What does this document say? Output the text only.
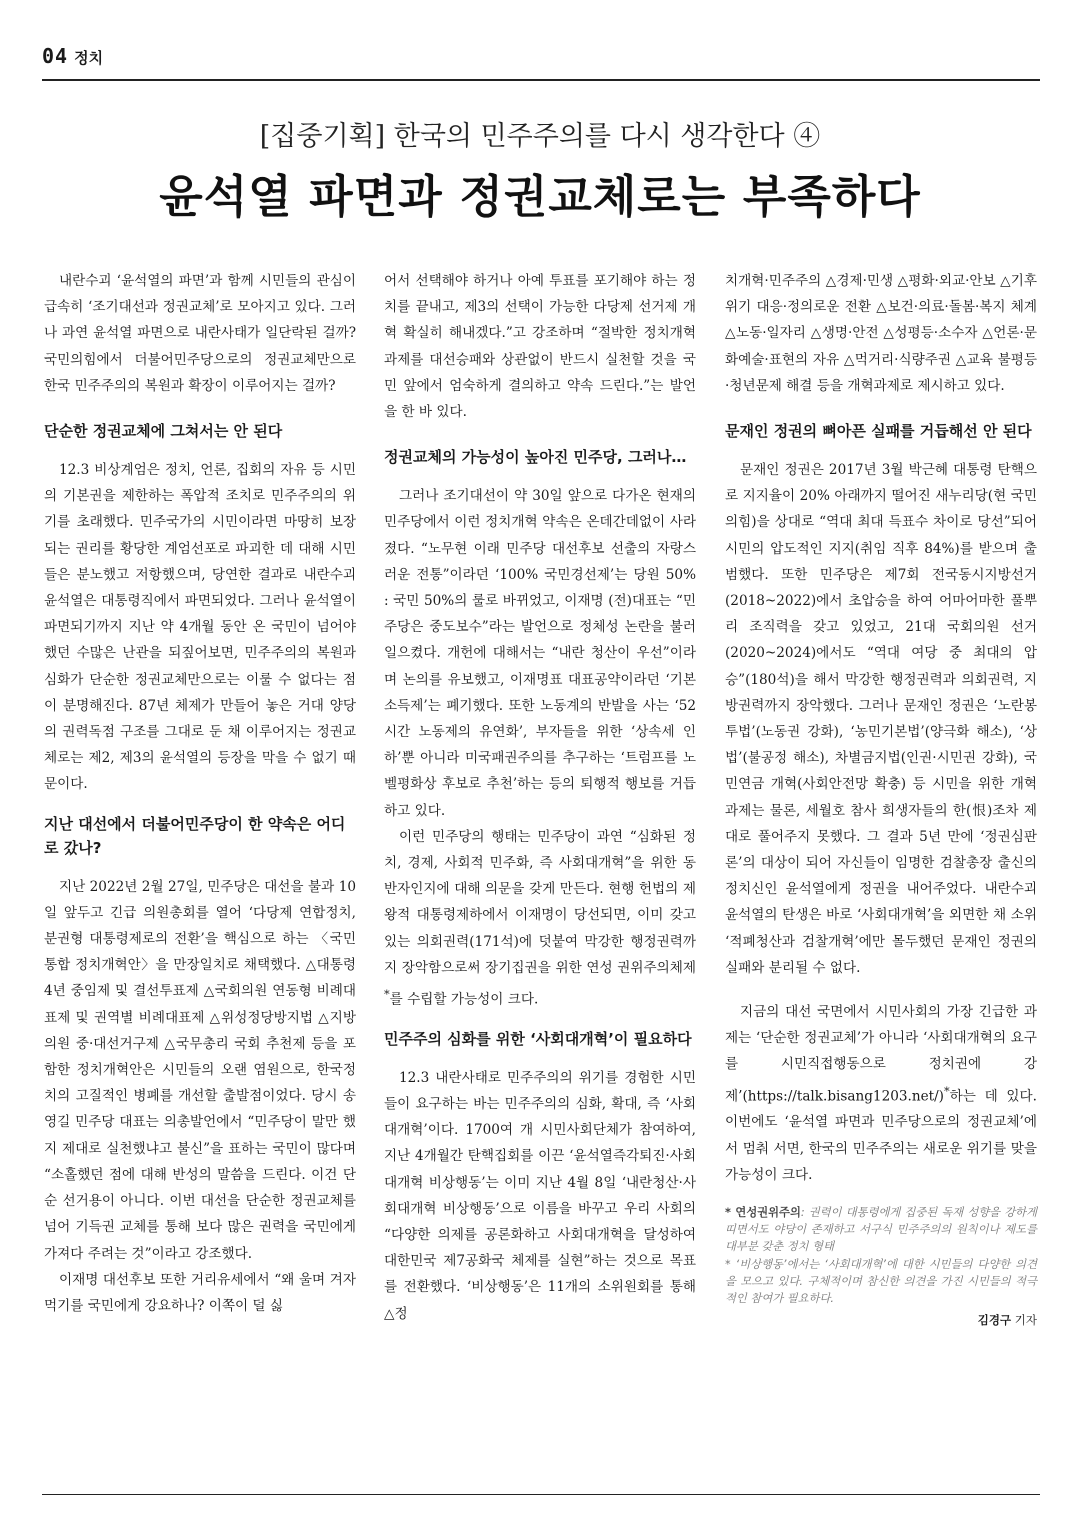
04 정치
[집중기획] 한국의 민주주의를 다시 생각한다 ④
윤석열 파면과 정권교체로는 부족하다

내란수괴 ‘윤석열의 파면’과 함께 시민들의 관심이 급속히 ‘조기대선과 정권교체’로 모아지고 있다. 그러나 과연 윤석열 파면으로 내란사태가 일단락된 걸까? 국민의힘에서 더불어민주당으로의 정권교체만으로 한국 민주주의의 복원과 확장이 이루어지는 걸까?

단순한 정권교체에 그쳐서는 안 된다

12.3 비상계엄은 정치, 언론, 집회의 자유 등 시민의 기본권을 제한하는 폭압적 조치로 민주주의의 위기를 초래했다. 민주국가의 시민이라면 마땅히 보장되는 권리를 황당한 계엄선포로 파괴한 데 대해 시민들은 분노했고 저항했으며, 당연한 결과로 내란수괴 윤석열은 대통령직에서 파면되었다. 그러나 윤석열이 파면되기까지 지난 약 4개월 동안 온 국민이 넘어야 했던 수많은 난관을 되짚어보면, 민주주의의 복원과 심화가 단순한 정권교체만으로는 이룰 수 없다는 점이 분명해진다. 87년 체제가 만들어 놓은 거대 양당의 권력독점 구조를 그대로 둔 채 이루어지는 정권교체로는 제2, 제3의 윤석열의 등장을 막을 수 없기 때문이다.

지난 대선에서 더불어민주당이 한 약속은 어디로 갔나?

지난 2022년 2월 27일, 민주당은 대선을 불과 10일 앞두고 긴급 의원총회를 열어 ‘다당제 연합정치, 분권형 대통령제로의 전환’을 핵심으로 하는 〈국민통합 정치개혁안〉을 만장일치로 채택했다. △대통령 4년 중임제 및 결선투표제 △국회의원 연동형 비례대표제 및 권역별 비례대표제 △위성정당방지법 △지방의원 중·대선거구제 △국무총리 국회 추천제 등을 포함한 정치개혁안은 시민들의 오랜 염원으로, 한국정치의 고질적인 병폐를 개선할 출발점이었다. 당시 송영길 민주당 대표는 의총발언에서 “민주당이 말만 했지 제대로 실천했냐고 불신”을 표하는 국민이 많다며 “소홀했던 점에 대해 반성의 말씀을 드린다. 이건 단순 선거용이 아니다. 이번 대선을 단순한 정권교체를 넘어 기득권 교체를 통해 보다 많은 권력을 국민에게 가져다 주려는 것”이라고 강조했다.

이재명 대선후보 또한 거리유세에서 “왜 울며 겨자 먹기를 국민에게 강요하나? 이쪽이 덜 싫

어서 선택해야 하거나 아예 투표를 포기해야 하는 정치를 끝내고, 제3의 선택이 가능한 다당제 선거제 개혁 확실히 해내겠다.”고 강조하며 “절박한 정치개혁 과제를 대선승패와 상관없이 반드시 실천할 것을 국민 앞에서 엄숙하게 결의하고 약속 드린다.”는 발언을 한 바 있다.

정권교체의 가능성이 높아진 민주당, 그러나…

그러나 조기대선이 약 30일 앞으로 다가온 현재의 민주당에서 이런 정치개혁 약속은 온데간데없이 사라졌다. “노무현 이래 민주당 대선후보 선출의 자랑스러운 전통”이라던 ‘100% 국민경선제’는 당원 50% : 국민 50%의 룰로 바뀌었고, 이재명 (전)대표는 “민주당은 중도보수”라는 발언으로 정체성 논란을 불러일으켰다. 개헌에 대해서는 “내란 청산이 우선”이라며 논의를 유보했고, 이재명표 대표공약이라던 ‘기본소득제’는 폐기했다. 또한 노동계의 반발을 사는 ‘52시간 노동제의 유연화’, 부자들을 위한 ‘상속세 인하’뿐 아니라 미국패권주의를 추구하는 ‘트럼프를 노벨평화상 후보로 추천’하는 등의 퇴행적 행보를 거듭하고 있다.

이런 민주당의 행태는 민주당이 과연 “심화된 정치, 경제, 사회적 민주화, 즉 사회대개혁”을 위한 동반자인지에 대해 의문을 갖게 만든다. 현행 헌법의 제왕적 대통령제하에서 이재명이 당선되면, 이미 갖고 있는 의회권력(171석)에 덧붙여 막강한 행정권력까지 장악함으로써 장기집권을 위한 연성 권위주의체제*를 수립할 가능성이 크다.

민주주의 심화를 위한 ‘사회대개혁’이 필요하다

12.3 내란사태로 민주주의의 위기를 경험한 시민들이 요구하는 바는 민주주의의 심화, 확대, 즉 ‘사회대개혁’이다. 1700여 개 시민사회단체가 참여하여, 지난 4개월간 탄핵집회를 이끈 ‘윤석열즉각퇴진·사회대개혁 비상행동’는 이미 지난 4월 8일 ‘내란청산·사회대개혁 비상행동’으로 이름을 바꾸고 우리 사회의 “다양한 의제를 공론화하고 사회대개혁을 달성하여 대한민국 제7공화국 체제를 실현”하는 것으로 목표를 전환했다. ‘비상행동’은 11개의 소위원회를 통해 △정

치개혁·민주주의 △경제·민생 △평화·외교·안보 △기후위기 대응·정의로운 전환 △보건·의료·돌봄·복지 체계 △노동·일자리 △생명·안전 △성평등·소수자 △언론·문화예술·표현의 자유 △먹거리·식량주권 △교육 불평등·청년문제 해결 등을 개혁과제로 제시하고 있다.

문재인 정권의 뼈아픈 실패를 거듭해선 안 된다

문재인 정권은 2017년 3월 박근혜 대통령 탄핵으로 지지율이 20% 아래까지 떨어진 새누리당(현 국민의힘)을 상대로 “역대 최대 득표수 차이로 당선”되어 시민의 압도적인 지지(취임 직후 84%)를 받으며 출범했다. 또한 민주당은 제7회 전국동시지방선거(2018~2022)에서 초압승을 하여 어마어마한 풀뿌리 조직력을 갖고 있었고, 21대 국회의원 선거(2020~2024)에서도 “역대 여당 중 최대의 압승”(180석)을 해서 막강한 행정권력과 의회권력, 지방권력까지 장악했다. 그러나 문재인 정권은 ‘노란봉투법’(노동권 강화), ‘농민기본법’(양극화 해소), ‘상법’(불공정 해소), 차별금지법(인권·시민권 강화), 국민연금 개혁(사회안전망 확충) 등 시민을 위한 개혁과제는 물론, 세월호 참사 희생자들의 한(恨)조차 제대로 풀어주지 못했다. 그 결과 5년 만에 ‘정권심판론’의 대상이 되어 자신들이 임명한 검찰총장 출신의 정치신인 윤석열에게 정권을 내어주었다. 내란수괴 윤석열의 탄생은 바로 ‘사회대개혁’을 외면한 채 소위 ‘적폐청산과 검찰개혁’에만 몰두했던 문재인 정권의 실패와 분리될 수 없다.

지금의 대선 국면에서 시민사회의 가장 긴급한 과제는 ‘단순한 정권교체’가 아니라 ‘사회대개혁의 요구를 시민직접행동으로 정치권에 강제’(https://talk.bisang1203.net/)*하는 데 있다. 이번에도 ‘윤석열 파면과 민주당으로의 정권교체’에서 멈춰 서면, 한국의 민주주의는 새로운 위기를 맞을 가능성이 크다.

* 연성권위주의: 권력이 대통령에게 집중된 독재 성향을 강하게 띠면서도 야당이 존재하고 서구식 민주주의의 원칙이나 제도를 대부분 갖춘 정치 형태

* ‘비상행동’에서는 ‘사회대개혁’에 대한 시민들의 다양한 의견을 모으고 있다. 구체적이며 참신한 의견을 가진 시민들의 적극적인 참여가 필요하다.

김경구 기자
